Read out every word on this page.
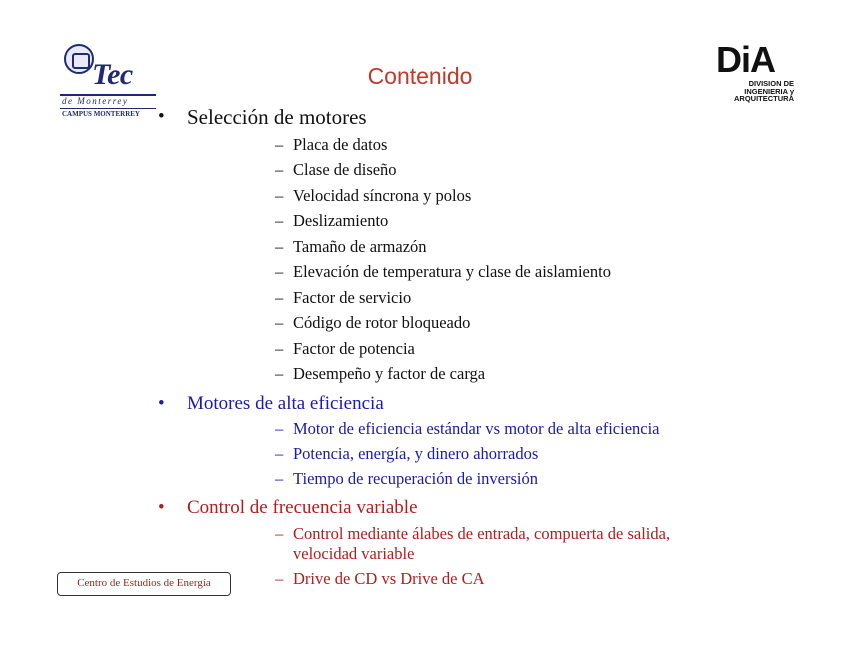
Tec
de Monterrey
CAMPUS MONTERREY
DiA
DIVISION DE
INGENIERIA y
ARQUITECTURA
Contenido
• Selección de motores
– Placa de datos
– Clase de diseño
– Velocidad síncrona y polos
– Deslizamiento
– Tamaño de armazón
– Elevación de temperatura y clase de aislamiento
– Factor de servicio
– Código de rotor bloqueado
– Factor de potencia
– Desempeño y factor de carga
• Motores de alta eficiencia
– Motor de eficiencia estándar vs motor de alta eficiencia
– Potencia, energía, y dinero ahorrados
– Tiempo de recuperación de inversión
• Control de frecuencia variable
– Control mediante álabes de entrada, compuerta de salida,
velocidad variable
– Drive de CD vs Drive de CA
Centro de Estudios de Energía
